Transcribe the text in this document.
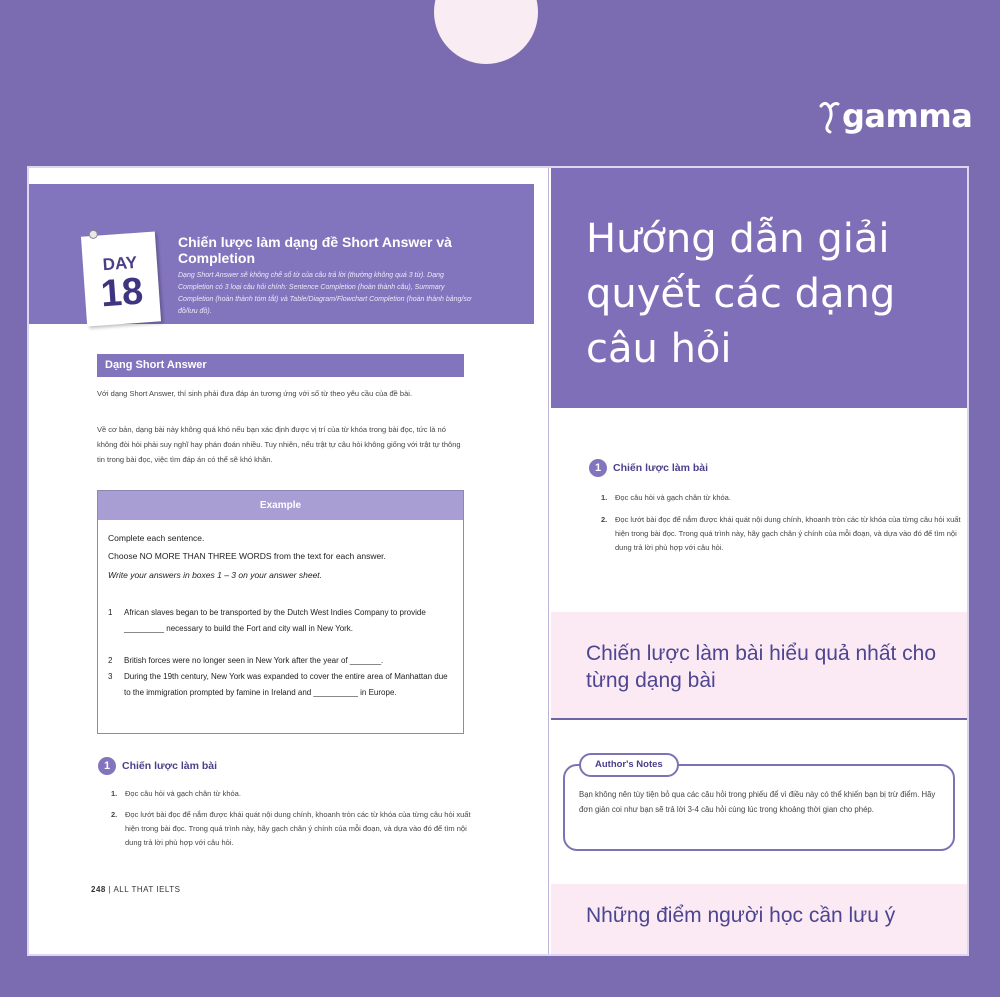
gamma
DAY
18
Chiến lược làm dạng đề Short Answer và Completion
Dạng Short Answer sẽ không chế số từ của câu trả lời (thường không quá 3 từ). Dạng Completion có 3 loại câu hỏi chính: Sentence Completion (hoàn thành câu), Summary Completion (hoàn thành tóm tắt) và Table/Diagram/Flowchart Completion (hoàn thành bảng/sơ đồ/lưu đồ).
Dạng Short Answer
Với dạng Short Answer, thí sinh phải đưa đáp án tương ứng với số từ theo yêu cầu của đề bài.
Về cơ bản, dạng bài này không quá khó nếu bạn xác định được vị trí của từ khóa trong bài đọc, tức là nó không đòi hỏi phải suy nghĩ hay phán đoán nhiều. Tuy nhiên, nếu trật tự câu hỏi không giống với trật tự thông tin trong bài đọc, việc tìm đáp án có thể sẽ khó khăn.
Example
Complete each sentence.
Choose NO MORE THAN THREE WORDS from the text for each answer.
Write your answers in boxes 1 – 3 on your answer sheet.
1 African slaves began to be transported by the Dutch West Indies Company to provide _________ necessary to build the Fort and city wall in New York.
2 British forces were no longer seen in New York after the year of _______.
3 During the 19th century, New York was expanded to cover the entire area of Manhattan due to the immigration prompted by famine in Ireland and __________ in Europe.
1	Chiến lược làm bài
1. Đọc câu hỏi và gạch chân từ khóa.
2. Đọc lướt bài đọc để nắm được khái quát nội dung chính, khoanh tròn các từ khóa của từng câu hỏi xuất hiện trong bài đọc. Trong quá trình này, hãy gạch chân ý chính của mỗi đoạn, và dựa vào đó để tìm nội dung trả lời phù hợp với câu hỏi.
248 | ALL THAT IELTS
Hướng dẫn giải quyết các dạng câu hỏi
1	Chiến lược làm bài
1. Đọc câu hỏi và gạch chân từ khóa.
2. Đọc lướt bài đọc để nắm được khái quát nội dung chính, khoanh tròn các từ khóa của từng câu hỏi xuất hiện trong bài đọc. Trong quá trình này, hãy gạch chân ý chính của mỗi đoạn, và dựa vào đó để tìm nội dung trả lời phù hợp với câu hỏi.
Chiến lược làm bài hiểu quả nhất cho từng dạng bài
Author's Notes
Bạn không nên tùy tiện bỏ qua các câu hỏi trong phiếu để vì điều này có thể khiến bạn bị trừ điểm. Hãy đơn giản coi như bạn sẽ trả lời 3-4 câu hỏi cùng lúc trong khoảng thời gian cho phép.
Những điểm người học cần lưu ý
